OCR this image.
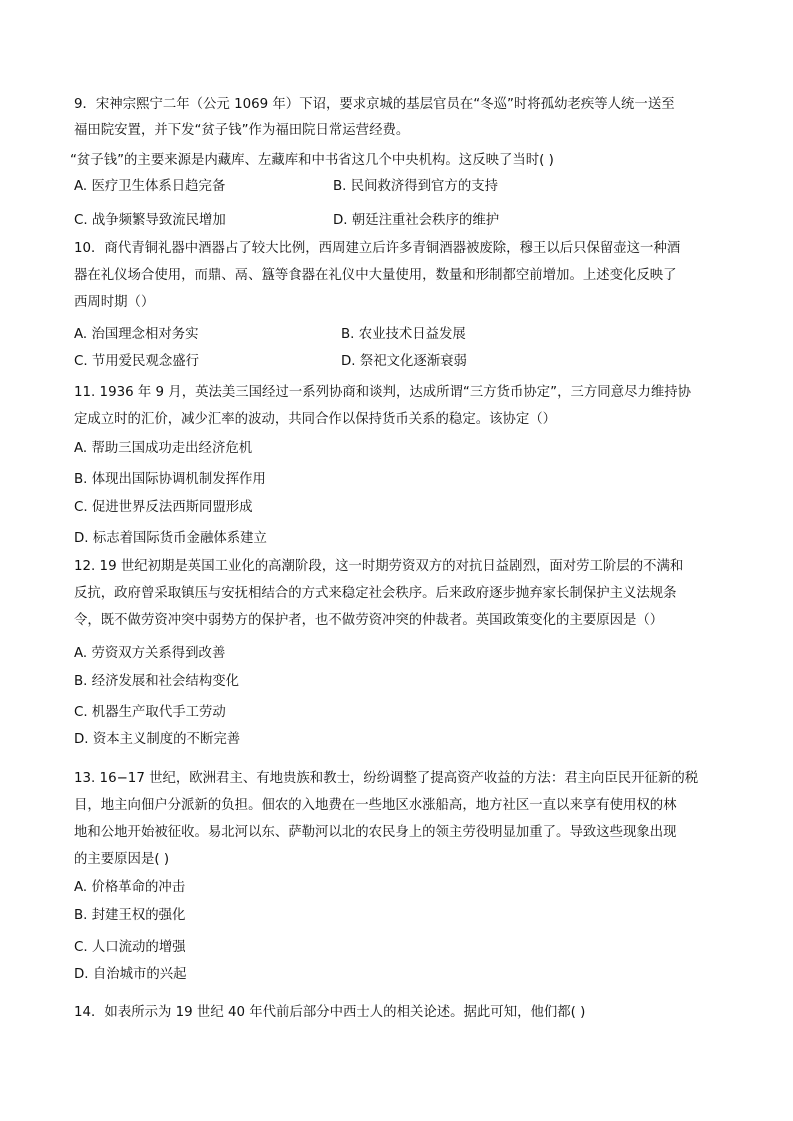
9．宋神宗熙宁二年（公元 1069 年）下诏，要求京城的基层官员在“冬巡”时将孤幼老疾等人统一送至
福田院安置，并下发“贫子钱”作为福田院日常运营经费。
“贫子钱”的主要来源是内藏库、左藏库和中书省这几个中央机构。这反映了当时( )
A. 医疗卫生体系日趋完备	B. 民间救济得到官方的支持
C. 战争频繁导致流民增加	D. 朝廷注重社会秩序的维护
10．商代青铜礼器中酒器占了较大比例，西周建立后许多青铜酒器被废除，穆王以后只保留壶这一种酒
器在礼仪场合使用，而鼎、鬲、簋等食器在礼仪中大量使用，数量和形制都空前增加。上述变化反映了
西周时期（）
A. 治国理念相对务实	B. 农业技术日益发展
C. 节用爱民观念盛行	D. 祭祀文化逐渐衰弱
11. 1936 年 9 月，英法美三国经过一系列协商和谈判，达成所谓“三方货币协定”，三方同意尽力维持协
定成立时的汇价，减少汇率的波动，共同合作以保持货币关系的稳定。该协定（）
A. 帮助三国成功走出经济危机
B. 体现出国际协调机制发挥作用
C. 促进世界反法西斯同盟形成
D. 标志着国际货币金融体系建立
12. 19 世纪初期是英国工业化的高潮阶段，这一时期劳资双方的对抗日益剧烈，面对劳工阶层的不满和
反抗，政府曾采取镇压与安抚相结合的方式来稳定社会秩序。后来政府逐步抛弃家长制保护主义法规条
令，既不做劳资冲突中弱势方的保护者，也不做劳资冲突的仲裁者。英国政策变化的主要原因是（）
A. 劳资双方关系得到改善
B. 经济发展和社会结构变化
C. 机器生产取代手工劳动
D. 资本主义制度的不断完善
13. 16−17 世纪，欧洲君主、有地贵族和教士，纷纷调整了提高资产收益的方法：君主向臣民开征新的税
目，地主向佃户分派新的负担。佃农的入地费在一些地区水涨船高，地方社区一直以来享有使用权的林
地和公地开始被征收。易北河以东、萨勒河以北的农民身上的领主劳役明显加重了。导致这些现象出现
的主要原因是( )
A. 价格革命的冲击
B. 封建王权的强化
C. 人口流动的增强
D. 自治城市的兴起
14．如表所示为 19 世纪 40 年代前后部分中西士人的相关论述。据此可知，他们都( )
